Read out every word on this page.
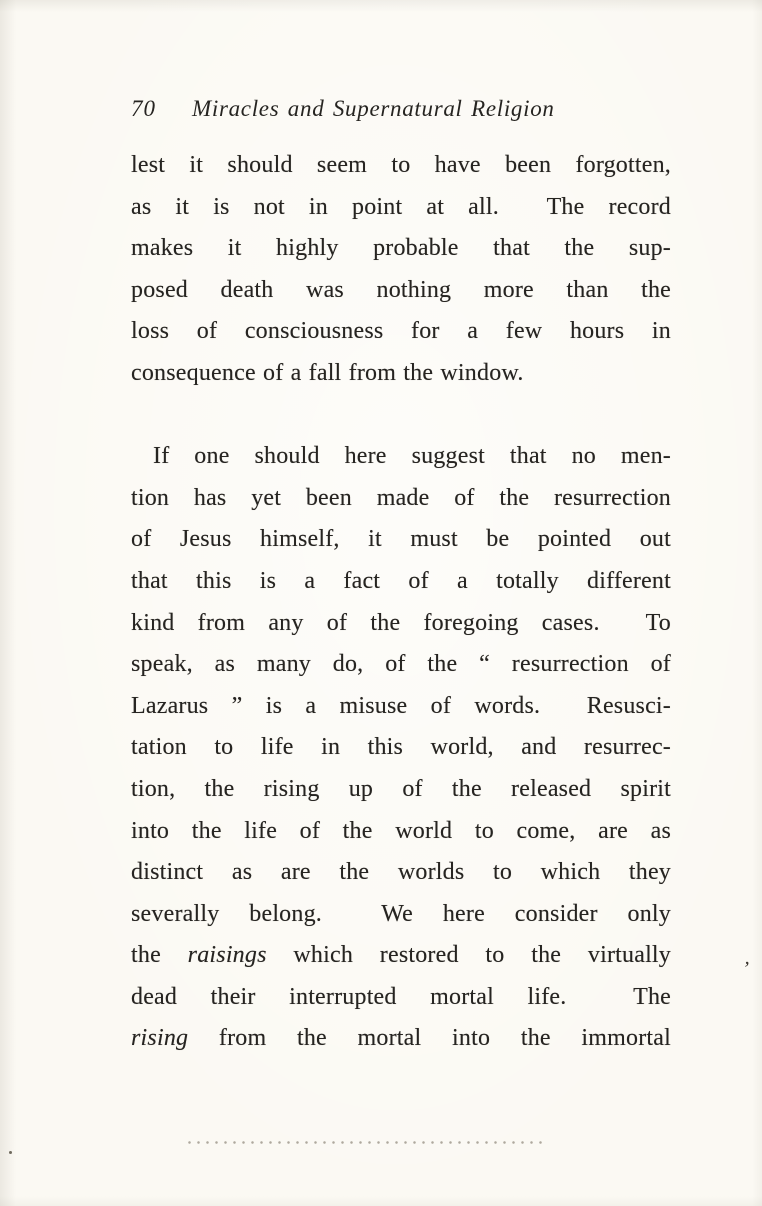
70 Miracles and Supernatural Religion
lest it should seem to have been forgotten,
as it is not in point at all.  The record
makes it highly probable that the sup-
posed death was nothing more than the
loss of consciousness for a few hours in
consequence of a fall from the window.
If one should here suggest that no men-
tion has yet been made of the resurrection
of Jesus himself, it must be pointed out
that this is a fact of a totally different
kind from any of the foregoing cases.  To
speak, as many do, of the “ resurrection of
Lazarus ” is a misuse of words.  Resusci-
tation to life in this world, and resurrec-
tion, the rising up of the released spirit
into the life of the world to come, are as
distinct as are the worlds to which they
severally belong.  We here consider only
the raisings which restored to the virtually
dead their interrupted mortal life.  The
rising from the mortal into the immortal
’
